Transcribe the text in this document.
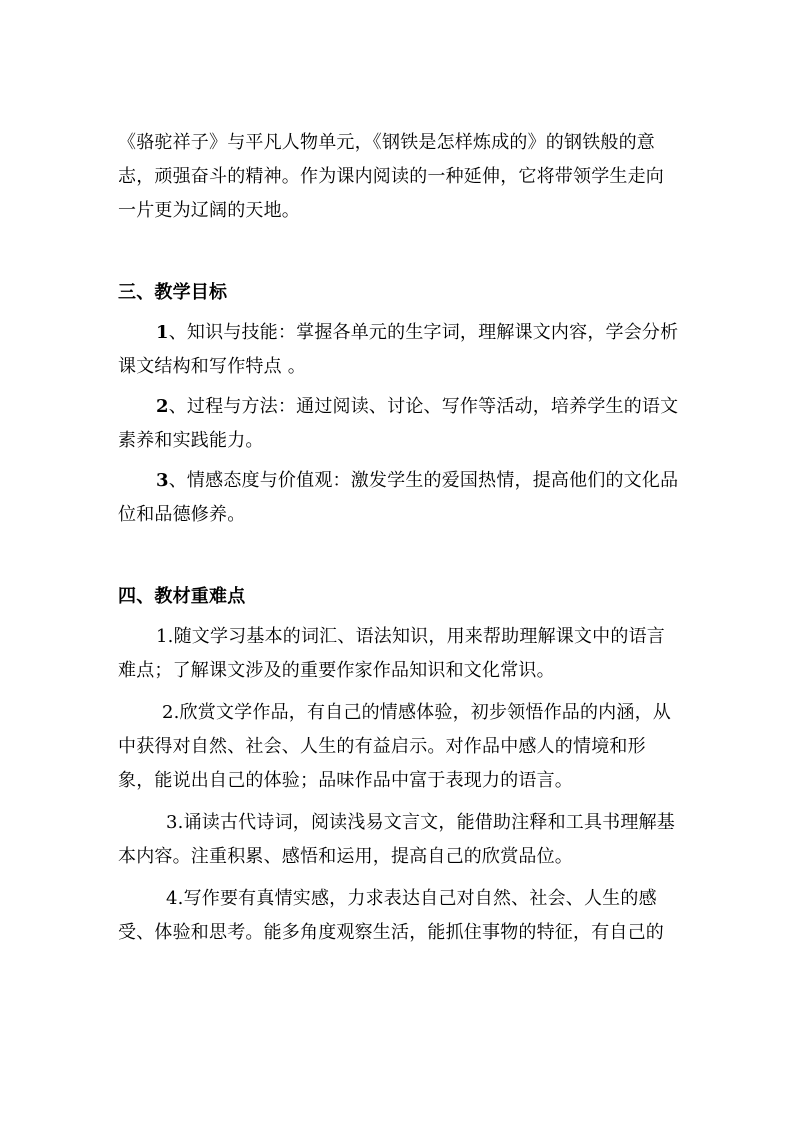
《骆驼祥子》与平凡人物单元，《钢铁是怎样炼成的》的钢铁般的意志，顽强奋斗的精神。作为课内阅读的一种延伸，它将带领学生走向一片更为辽阔的天地。

三、教学目标

1、知识与技能：掌握各单元的生字词，理解课文内容，学会分析课文结构和写作特点 。

2、过程与方法：通过阅读、讨论、写作等活动，培养学生的语文素养和实践能力。

3、情感态度与价值观：激发学生的爱国热情，提高他们的文化品位和品德修养。

四、教材重难点

1.随文学习基本的词汇、语法知识，用来帮助理解课文中的语言难点；了解课文涉及的重要作家作品知识和文化常识。

2.欣赏文学作品，有自己的情感体验，初步领悟作品的内涵，从中获得对自然、社会、人生的有益启示。对作品中感人的情境和形象，能说出自己的体验；品味作品中富于表现力的语言。

3.诵读古代诗词，阅读浅易文言文，能借助注释和工具书理解基本内容。注重积累、感悟和运用，提高自己的欣赏品位。

4.写作要有真情实感，力求表达自己对自然、社会、人生的感受、体验和思考。能多角度观察生活，能抓住事物的特征，有自己的
